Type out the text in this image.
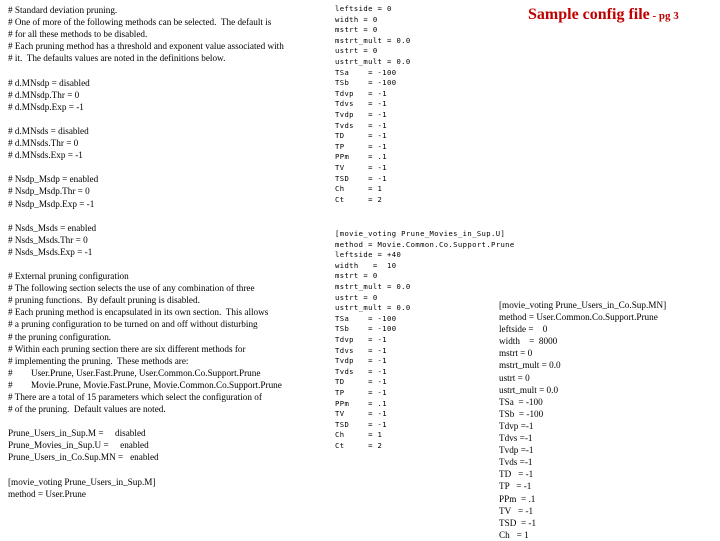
Sample config file - pg 3
# Standard deviation pruning.
# One of more of the following methods can be selected.  The default is
# for all these methods to be disabled.
# Each pruning method has a threshold and exponent value associated with
# it.  The defaults values are noted in the definitions below.

# d.MNsdp = disabled
# d.MNsdp.Thr = 0
# d.MNsdp.Exp = -1

# d.MNsds = disabled
# d.MNsds.Thr = 0
# d.MNsds.Exp = -1

# Nsdp_Msdp = enabled
# Nsdp_Msdp.Thr = 0
# Nsdp_Msdp.Exp = -1

# Nsds_Msds = enabled
# Nsds_Msds.Thr = 0
# Nsds_Msds.Exp = -1

# External pruning configuration
# The following section selects the use of any combination of three
# pruning functions.  By default pruning is disabled.
# Each pruning method is encapsulated in its own section.  This allows
# a pruning configuration to be turned on and off without disturbing
# the pruning configuration.
# Within each pruning section there are six different methods for
# implementing the pruning.  These methods are:
#        User.Prune, User.Fast.Prune, User.Common.Co.Support.Prune
#        Movie.Prune, Movie.Fast.Prune, Movie.Common.Co.Support.Prune
# There are a total of 15 parameters which select the configuration of
# of the pruning.  Default values are noted.

Prune_Users_in_Sup.M =     disabled
Prune_Movies_in_Sup.U =     enabled
Prune_Users_in_Co.Sup.MN =   enabled

[movie_voting Prune_Users_in_Sup.M]
method = User.Prune
leftside = 0
width = 0
mstrt = 0
mstrt_mult = 0.0
ustrt = 0
ustrt_mult = 0.0
TSa    = -100
TSb    = -100
Tdvp   = -1
Tdvs   = -1
Tvdp   = -1
Tvds   = -1
TD     = -1
TP     = -1
PPm    = .1
TV     = -1
TSD    = -1
Ch     = 1
Ct     = 2
[movie_voting Prune_Movies_in_Sup.U]
method = Movie.Common.Co.Support.Prune
leftside = +40
width   =  10
mstrt = 0
mstrt_mult = 0.0
ustrt = 0
ustrt_mult = 0.0
TSa    = -100
TSb    = -100
Tdvp   = -1
Tdvs   = -1
Tvdp   = -1
Tvds   = -1
TD     = -1
TP     = -1
PPm    = .1
TV     = -1
TSD    = -1
Ch     = 1
Ct     = 2
[movie_voting Prune_Users_in_Co.Sup.MN]
method = User.Common.Co.Support.Prune
leftside =    0
width    =  8000
mstrt = 0
mstrt_mult = 0.0
ustrt = 0
ustrt_mult = 0.0
TSa  = -100
TSb  = -100
Tdvp =-1
Tdvs =-1
Tvdp =-1
Tvds =-1
TD   = -1
TP   = -1
PPm  = .1
TV   = -1
TSD  = -1
Ch   = 1
